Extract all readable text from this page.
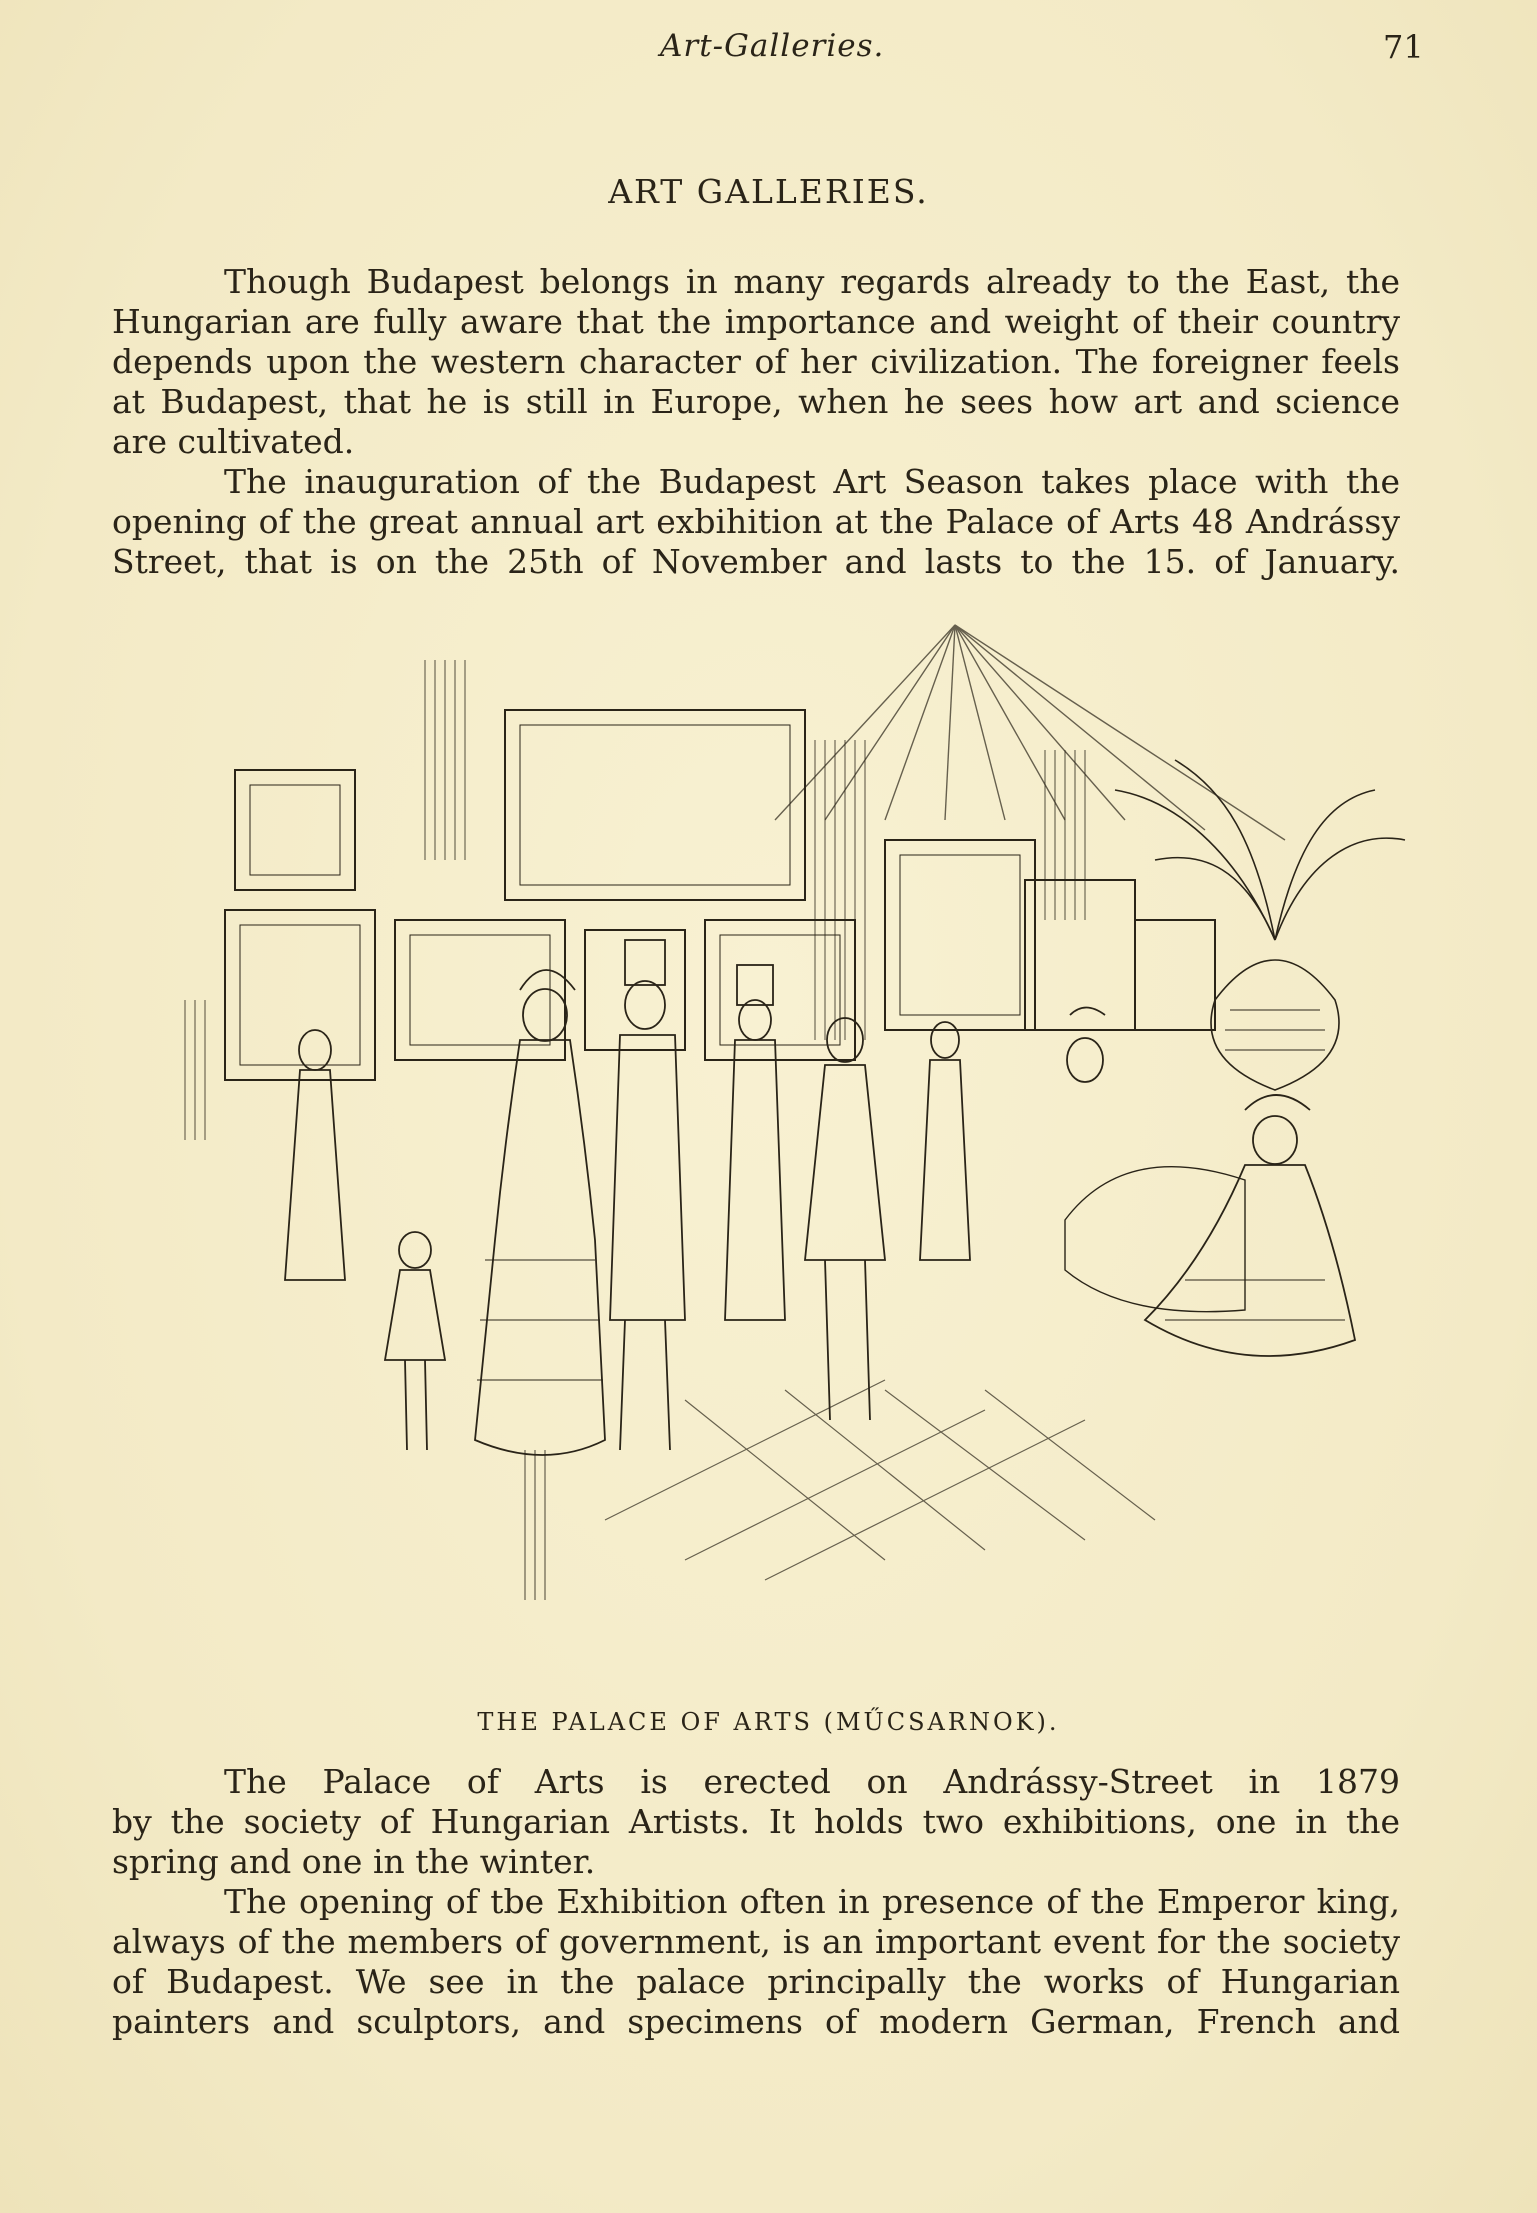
Art-Galleries.	71
ART GALLERIES.
Though Budapest belongs in many regards already to the East, the
Hungarian are fully aware that the importance and weight of their country
depends upon the western character of her civilization. The foreigner feels
at Budapest, that he is still in Europe, when he sees how art and science
are cultivated.
The inauguration of the Budapest Art Season takes place with the
opening of the great annual art exbihition at the Palace of Arts 48 Andrássy
Street, that is on the 25th of November and lasts to the 15. of January.
THE PALACE OF ARTS (MŰCSARNOK).
The Palace of Arts is erected on Andrássy-Street in 1879
by the society of Hungarian Artists. It holds two exhibitions, one in the
spring and one in the winter.
The opening of tbe Exhibition often in presence of the Emperor king,
always of the members of government, is an important event for the society
of Budapest. We see in the palace principally the works of Hungarian
painters and sculptors, and specimens of modern German, French and
